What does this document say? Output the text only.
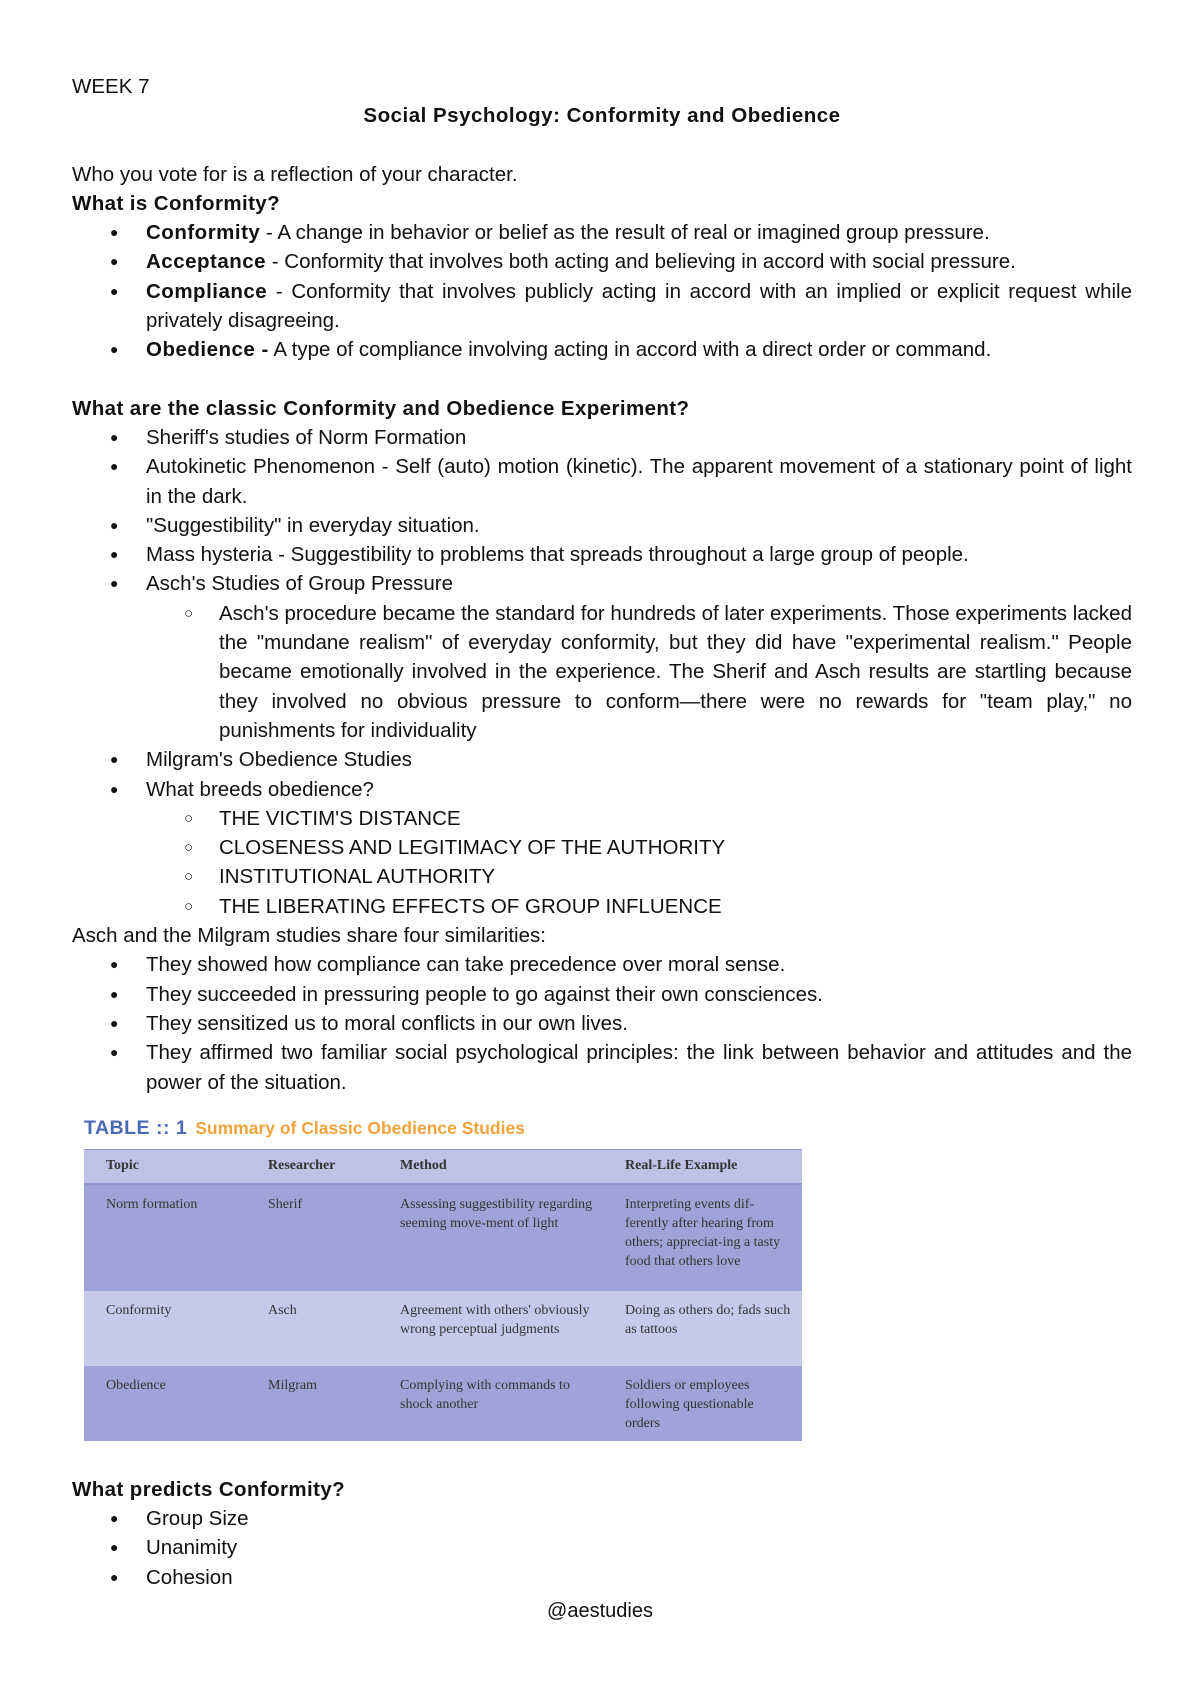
WEEK 7

Social Psychology: Conformity and Obedience

Who you vote for is a reflection of your character.

What is Conformity?

● Conformity - A change in behavior or belief as the result of real or imagined group pressure.
● Acceptance - Conformity that involves both acting and believing in accord with social pressure.
● Compliance - Conformity that involves publicly acting in accord with an implied or explicit request while privately disagreeing.
● Obedience - A type of compliance involving acting in accord with a direct order or command.

What are the classic Conformity and Obedience Experiment?

● Sheriff's studies of Norm Formation
● Autokinetic Phenomenon - Self (auto) motion (kinetic). The apparent movement of a stationary point of light in the dark.
● "Suggestibility" in everyday situation.
● Mass hysteria - Suggestibility to problems that spreads throughout a large group of people.
● Asch's Studies of Group Pressure
○ Asch's procedure became the standard for hundreds of later experiments. Those experiments lacked the "mundane realism" of everyday conformity, but they did have "experimental realism." People became emotionally involved in the experience. The Sherif and Asch results are startling because they involved no obvious pressure to conform—there were no rewards for "team play," no punishments for individuality
● Milgram's Obedience Studies
● What breeds obedience?
○ THE VICTIM'S DISTANCE
○ CLOSENESS AND LEGITIMACY OF THE AUTHORITY
○ INSTITUTIONAL AUTHORITY
○ THE LIBERATING EFFECTS OF GROUP INFLUENCE

Asch and the Milgram studies share four similarities:

● They showed how compliance can take precedence over moral sense.
● They succeeded in pressuring people to go against their own consciences.
● They sensitized us to moral conflicts in our own lives.
● They affirmed two familiar social psychological principles: the link between behavior and attitudes and the power of the situation.
TABLE :: 1 Summary of Classic Obedience Studies
Topic	Researcher	Method	Real-Life Example
Norm formation	Sherif	Assessing suggestibility regarding seeming move-ment of light	Interpreting events dif-ferently after hearing from others; appreciat-ing a tasty food that others love
Conformity	Asch	Agreement with others' obviously wrong perceptual judgments	Doing as others do; fads such as tattoos
Obedience	Milgram	Complying with commands to shock another	Soldiers or employees following questionable orders

What predicts Conformity?

● Group Size
● Unanimity
● Cohesion
@aestudies
